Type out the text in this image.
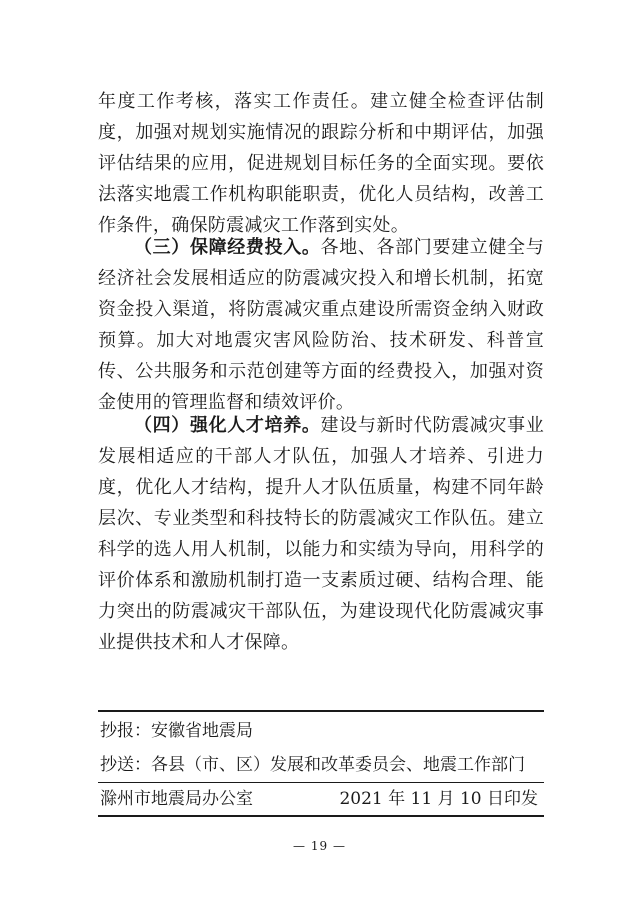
年度工作考核，落实工作责任。建立健全检查评估制度，加强对规划实施情况的跟踪分析和中期评估，加强评估结果的应用，促进规划目标任务的全面实现。要依法落实地震工作机构职能职责，优化人员结构，改善工作条件，确保防震减灾工作落到实处。

（三）保障经费投入。各地、各部门要建立健全与经济社会发展相适应的防震减灾投入和增长机制，拓宽资金投入渠道，将防震减灾重点建设所需资金纳入财政预算。加大对地震灾害风险防治、技术研发、科普宣传、公共服务和示范创建等方面的经费投入，加强对资金使用的管理监督和绩效评价。

（四）强化人才培养。建设与新时代防震减灾事业发展相适应的干部人才队伍，加强人才培养、引进力度，优化人才结构，提升人才队伍质量，构建不同年龄层次、专业类型和科技特长的防震减灾工作队伍。建立科学的选人用人机制，以能力和实绩为导向，用科学的评价体系和激励机制打造一支素质过硬、结构合理、能力突出的防震减灾干部队伍，为建设现代化防震减灾事业提供技术和人才保障。

抄报：安徽省地震局
抄送：各县（市、区）发展和改革委员会、地震工作部门
滁州市地震局办公室	2021 年 11 月 10 日印发
— 19 —
